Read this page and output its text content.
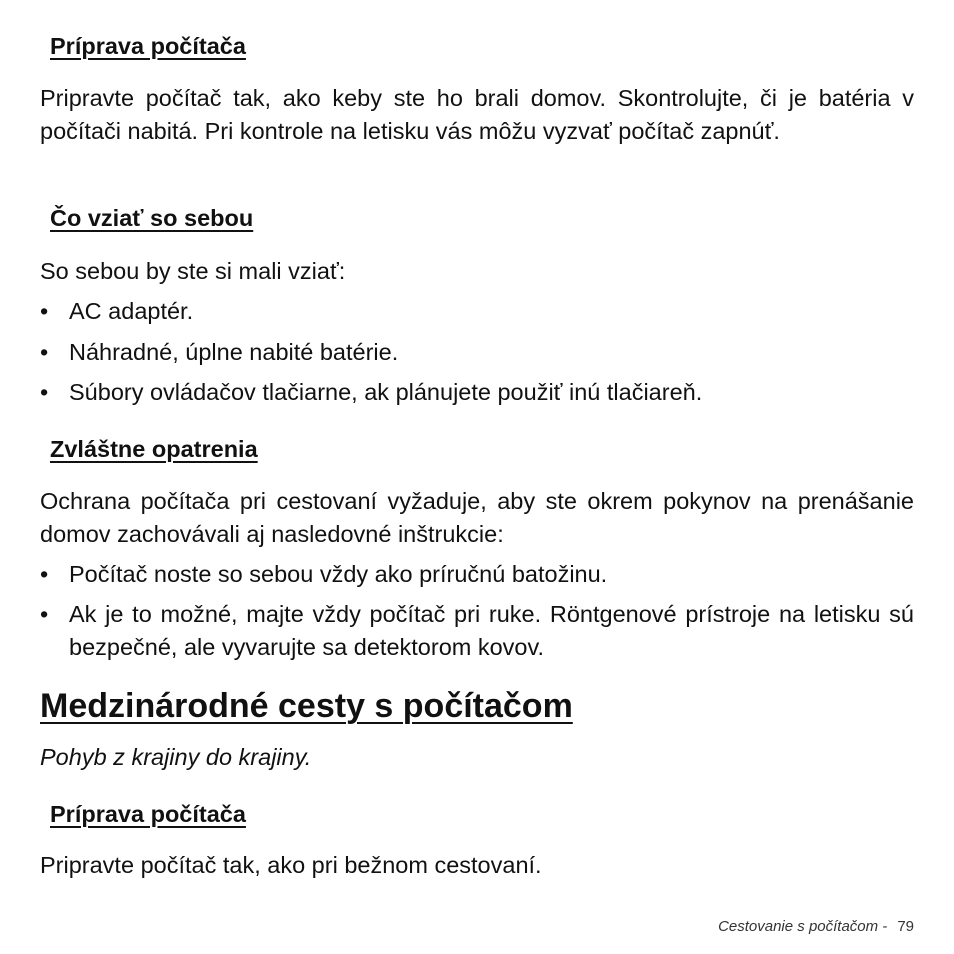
Príprava počítača

Pripravte počítač tak, ako keby ste ho brali domov. Skontrolujte, či je batéria v počítači nabitá. Pri kontrole na letisku vás môžu vyzvať počítač zapnúť.

Čo vziať so sebou

So sebou by ste si mali vziať:

• AC adaptér.
• Náhradné, úplne nabité batérie.
• Súbory ovládačov tlačiarne, ak plánujete použiť inú tlačiareň.
Zvláštne opatrenia

Ochrana počítača pri cestovaní vyžaduje, aby ste okrem pokynov na prenášanie domov zachovávali aj nasledovné inštrukcie:

• Počítač noste so sebou vždy ako príručnú batožinu.
• Ak je to možné, majte vždy počítač pri ruke. Röntgenové prístroje na letisku sú bezpečné, ale vyvarujte sa detektorom kovov.
Medzinárodné cesty s počítačom

Pohyb z krajiny do krajiny.

Príprava počítača

Pripravte počítač tak, ako pri bežnom cestovaní.

Cestovanie s počítačom - 79
